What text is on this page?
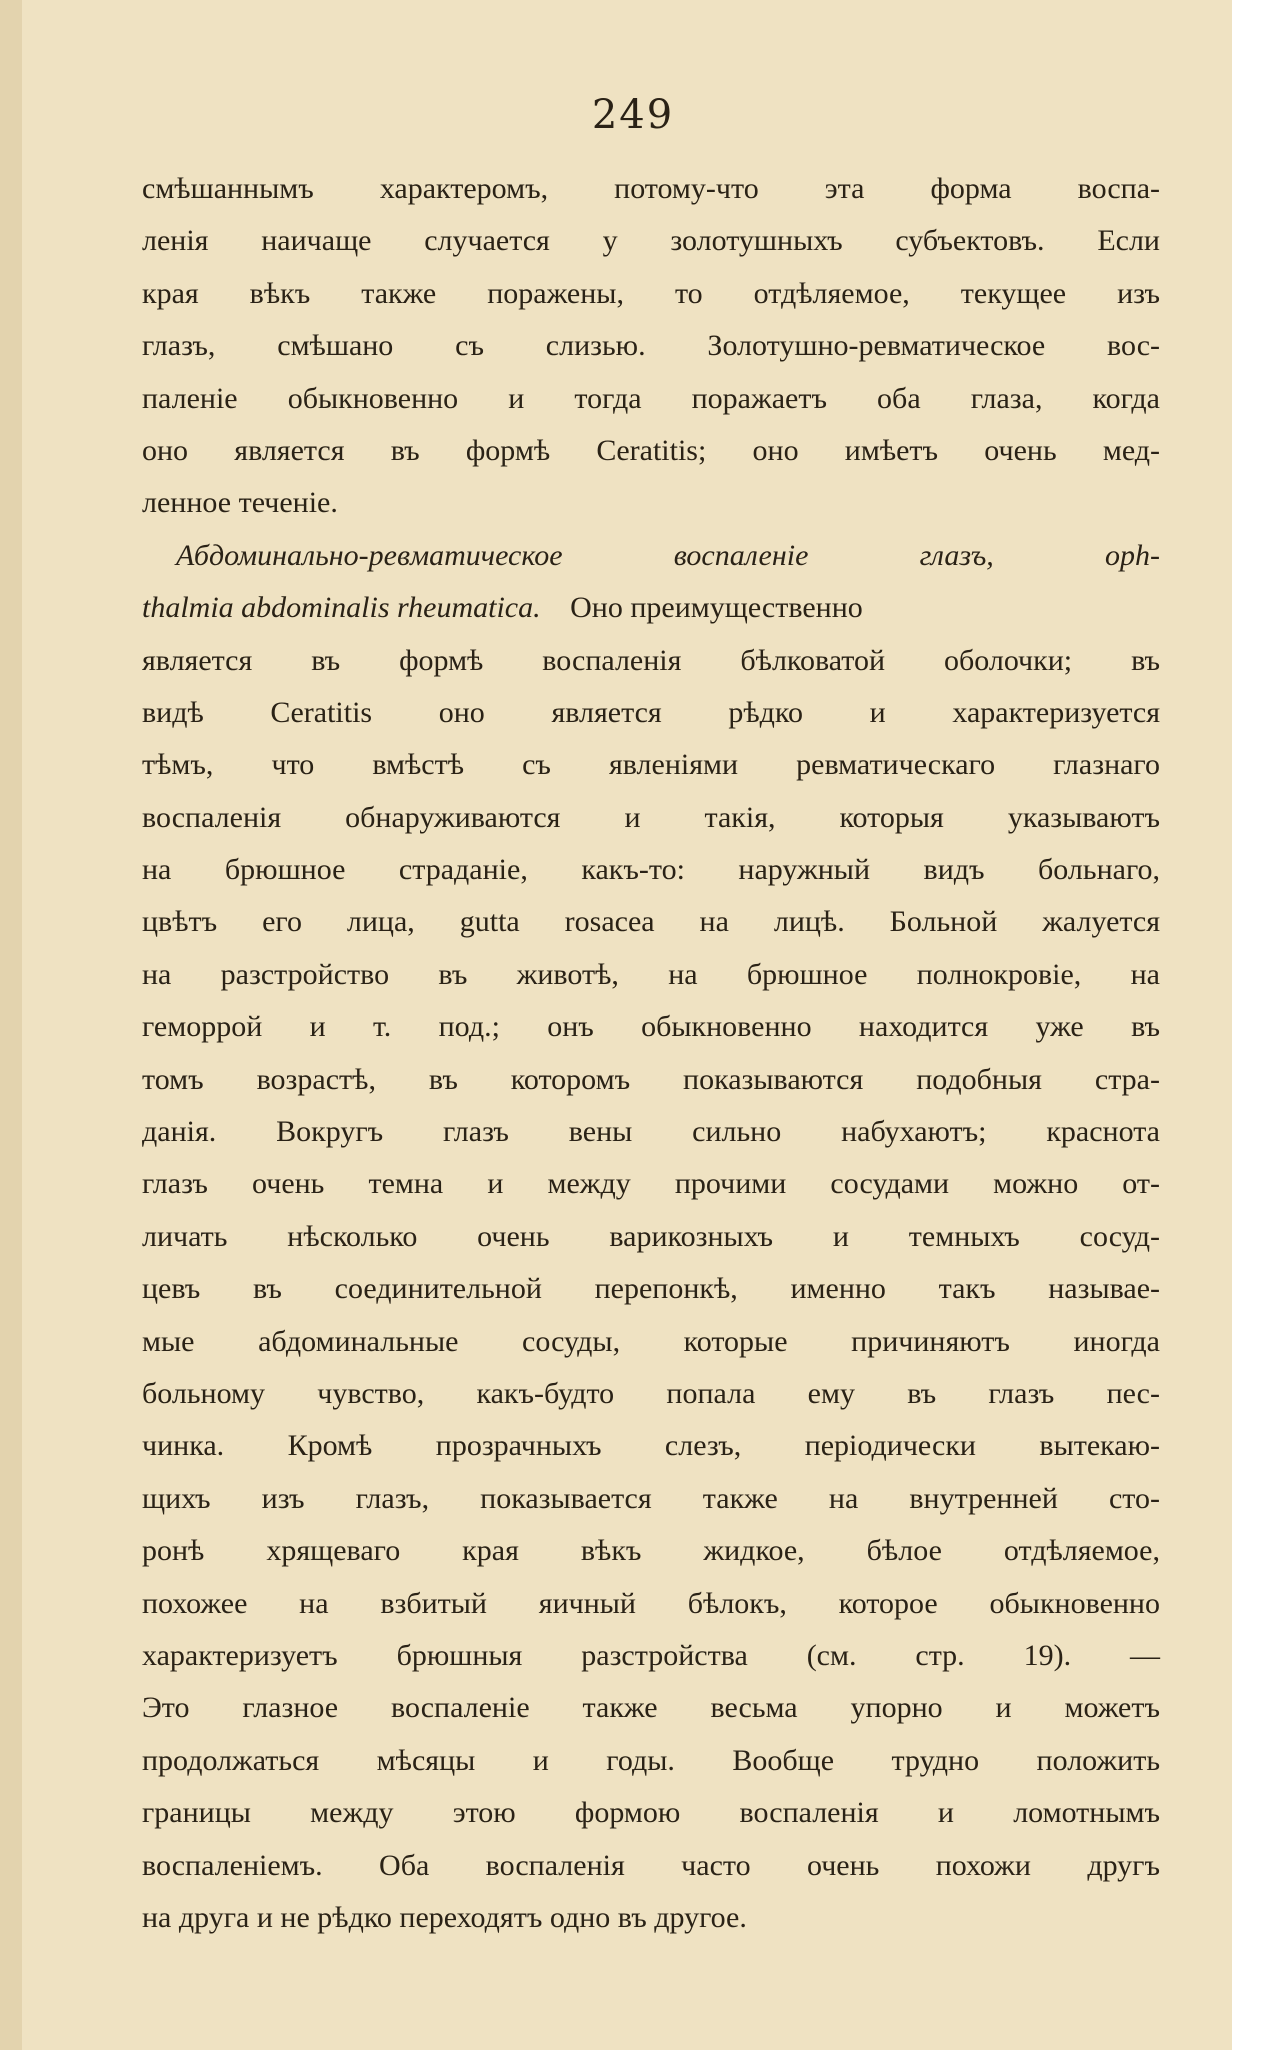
249
смѣшаннымъ характеромъ, потому-что эта форма воспа-
ленія наичаще случается у золотушныхъ субъектовъ. Если
края вѣкъ также поражены, то отдѣляемое, текущее изъ
глазъ, смѣшано съ слизью. Золотушно-ревматическое вос-
паленіе обыкновенно и тогда поражаетъ оба глаза, когда
оно является въ формѣ Ceratitis; оно имѣетъ очень мед-
ленное теченіе.
Абдоминально-ревматическое воспаленіе глазъ, oph-
thalmia abdominalis rheumatica. Оно преимущественно
является въ формѣ воспаленія бѣлковатой оболочки; въ
видѣ Ceratitis оно является рѣдко и характеризуется
тѣмъ, что вмѣстѣ съ явленіями ревматическаго глазнаго
воспаленія обнаруживаются и такія, которыя указываютъ
на брюшное страданіе, какъ-то: наружный видъ больнаго,
цвѣтъ его лица, gutta rosacea на лицѣ. Больной жалуется
на разстройство въ животѣ, на брюшное полнокровіе, на
геморрой и т. под.; онъ обыкновенно находится уже въ
томъ возрастѣ, въ которомъ показываются подобныя стра-
данія. Вокругъ глазъ вены сильно набухаютъ; краснота
глазъ очень темна и между прочими сосудами можно от-
личать нѣсколько очень варикозныхъ и темныхъ сосуд-
цевъ въ соединительной перепонкѣ, именно такъ называе-
мые абдоминальные сосуды, которые причиняютъ иногда
больному чувство, какъ-будто попала ему въ глазъ пес-
чинка. Кромѣ прозрачныхъ слезъ, періодически вытекаю-
щихъ изъ глазъ, показывается также на внутренней сто-
ронѣ хрящеваго края вѣкъ жидкое, бѣлое отдѣляемое,
похожее на взбитый яичный бѣлокъ, которое обыкновенно
характеризуетъ брюшныя разстройства (см. стр. 19). —
Это глазное воспаленіе также весьма упорно и можетъ
продолжаться мѣсяцы и годы. Вообще трудно положить
границы между этою формою воспаленія и ломотнымъ
воспаленіемъ. Оба воспаленія часто очень похожи другъ
на друга и не рѣдко переходятъ одно въ другое.
